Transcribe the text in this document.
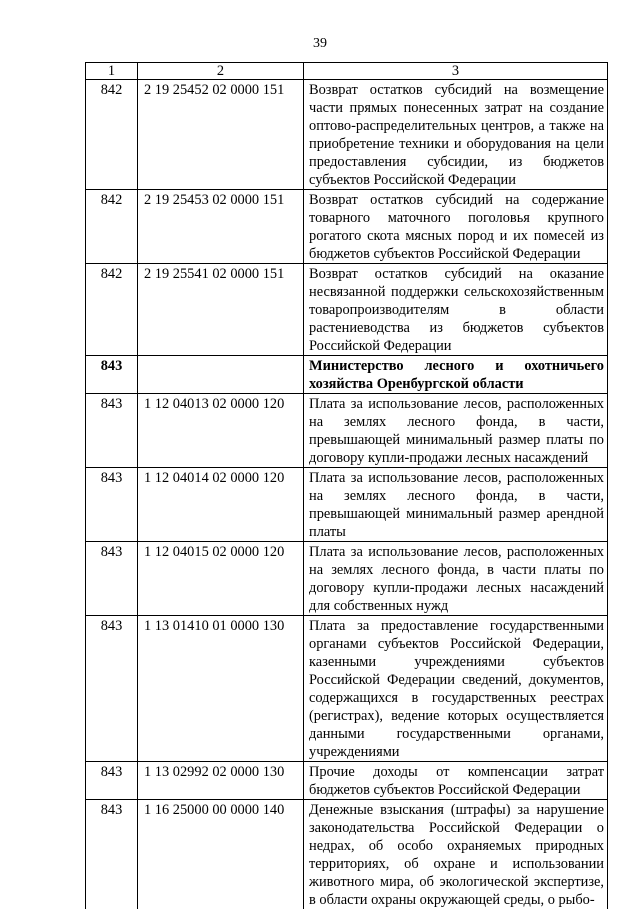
39
1	2	3
842	2 19 25452 02 0000 151	Возврат остатков субсидий на возмещение части прямых понесенных затрат на создание оптово-распределительных центров, а также на приобретение техники и оборудования на цели предоставления субсидии, из бюджетов субъектов Российской Федерации
842	2 19 25453 02 0000 151	Возврат остатков субсидий на содержание товарного маточного поголовья крупного рогатого скота мясных пород и их помесей из бюджетов субъектов Российской Федерации
842	2 19 25541 02 0000 151	Возврат остатков субсидий на оказание несвязанной поддержки сельскохозяйственным товаропроизводителям в области растениеводства из бюджетов субъектов Российской Федерации
843		Министерство лесного и охотничьего хозяйства Оренбургской области
843	1 12 04013 02 0000 120	Плата за использование лесов, расположенных на землях лесного фонда, в части, превышающей минимальный размер платы по договору купли-продажи лесных насаждений
843	1 12 04014 02 0000 120	Плата за использование лесов, расположенных на землях лесного фонда, в части, превышающей минимальный размер арендной платы
843	1 12 04015 02 0000 120	Плата за использование лесов, расположенных на землях лесного фонда, в части платы по договору купли-продажи лесных насаждений для собственных нужд
843	1 13 01410 01 0000 130	Плата за предоставление государственными органами субъектов Российской Федерации, казенными учреждениями субъектов Российской Федерации сведений, документов, содержащихся в государственных реестрах (регистрах), ведение которых осуществляется данными государственными органами, учреждениями
843	1 13 02992 02 0000 130	Прочие доходы от компенсации затрат бюджетов субъектов Российской Федерации
843	1 16 25000 00 0000 140	Денежные взыскания (штрафы) за нарушение законодательства Российской Федерации о недрах, об особо охраняемых природных территориях, об охране и использовании животного мира, об экологической экспертизе, в области охраны окружающей среды, о рыбо-
